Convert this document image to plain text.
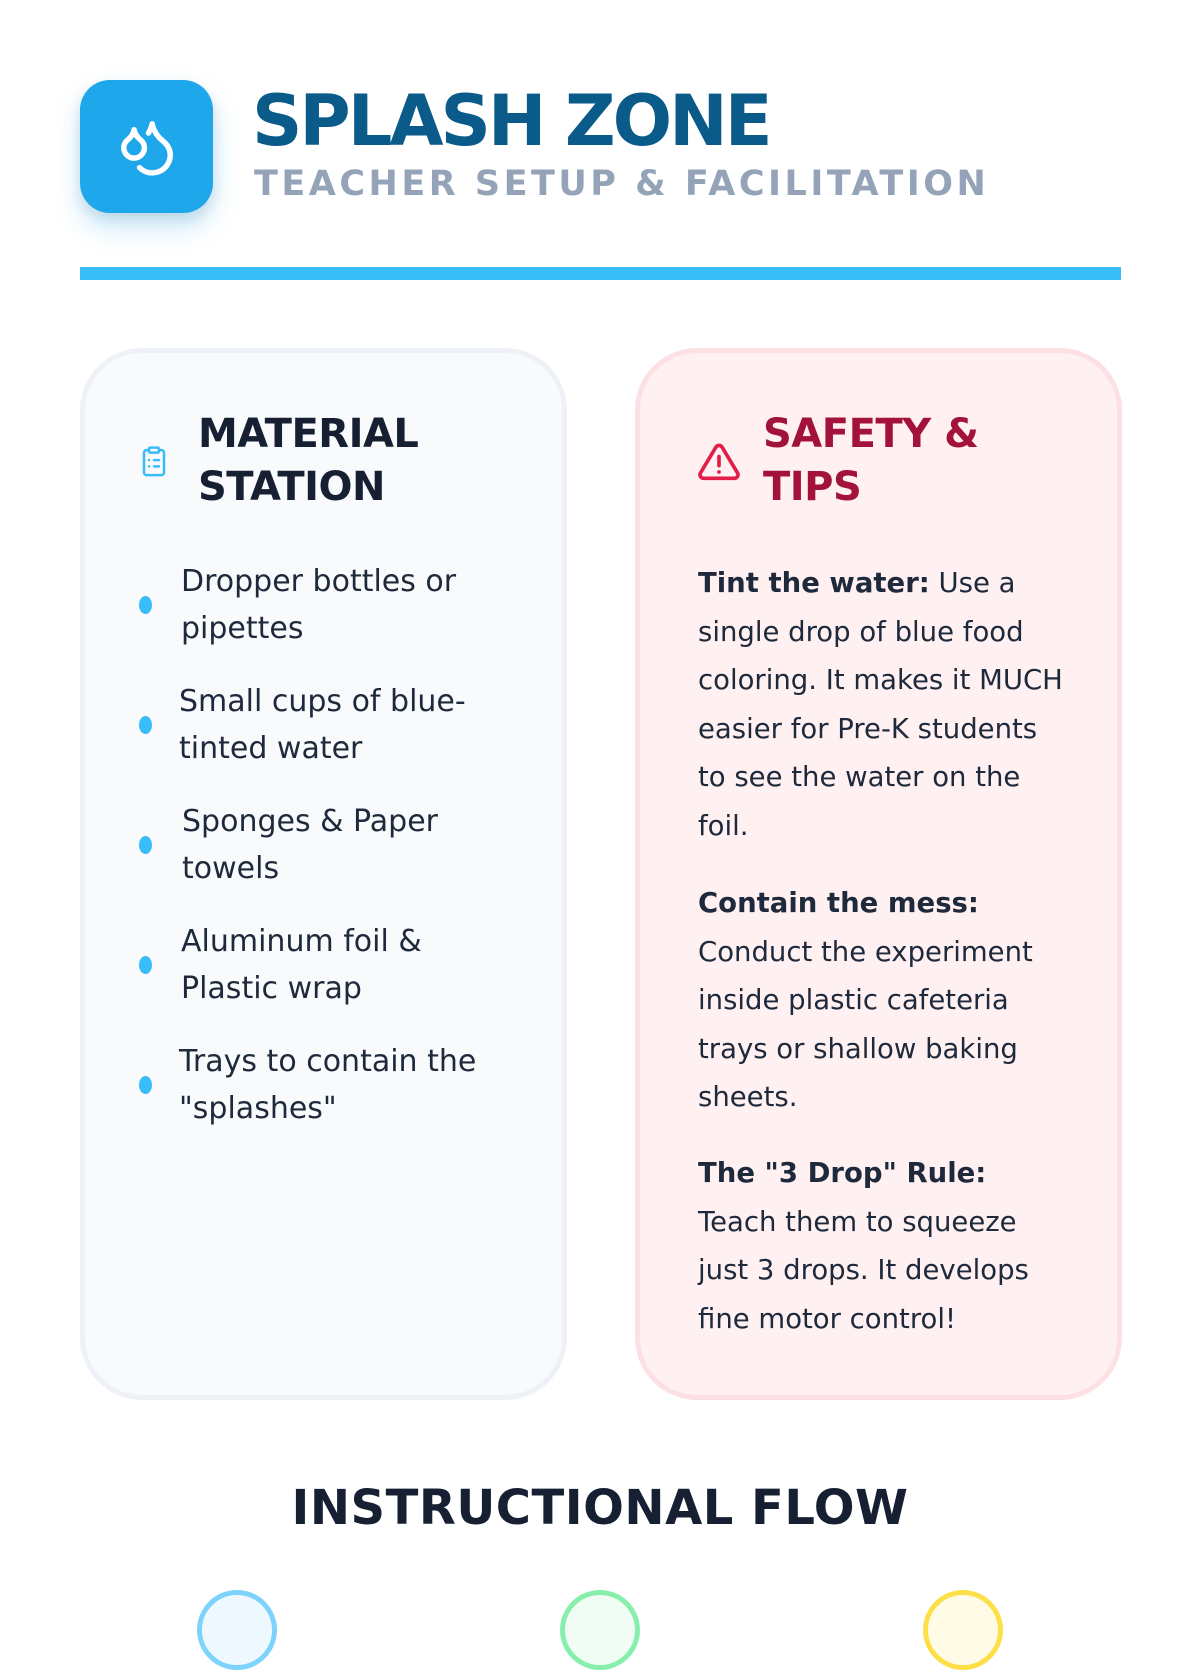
SPLASH ZONE

TEACHER SETUP & FACILITATION

MATERIAL
STATION

Dropper bottles or
pipettes

Small cups of blue-
tinted water

Sponges & Paper
towels

Aluminum foil &
Plastic wrap

Trays to contain the
"splashes"

SAFETY &
TIPS

Tint the water: Use a single drop of blue food coloring. It makes it MUCH easier for Pre-K students to see the water on the foil.

Contain the mess: Conduct the experiment inside plastic cafeteria trays or shallow baking sheets.

The "3 Drop" Rule: Teach them to squeeze just 3 drops. It develops fine motor control!

INSTRUCTIONAL FLOW
